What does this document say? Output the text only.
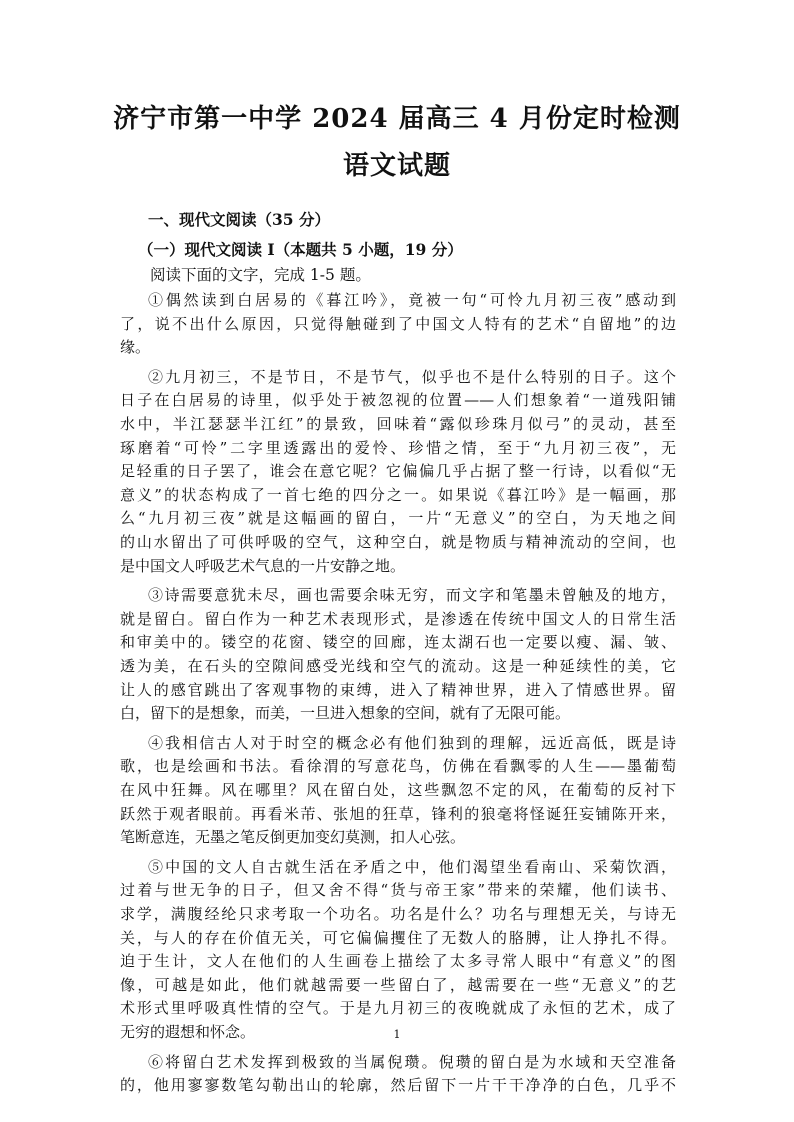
济宁市第一中学 2024 届高三 4 月份定时检测
语文试题
一、现代文阅读（35 分）
（一）现代文阅读 I（本题共 5 小题，19 分）
阅读下面的文字，完成 1-5 题。
1
①偶然读到白居易的《暮江吟》，竟被一句“可怜九月初三夜”感动到
了，说不出什么原因，只觉得触碰到了中国文人特有的艺术“自留地”的边
缘。
②九月初三，不是节日，不是节气，似乎也不是什么特别的日子。这个
日子在白居易的诗里，似乎处于被忽视的位置——人们想象着“一道残阳铺
水中，半江瑟瑟半江红”的景致，回味着“露似珍珠月似弓”的灵动，甚至
琢磨着“可怜”二字里透露出的爱怜、珍惜之情，至于“九月初三夜”，无
足轻重的日子罢了，谁会在意它呢？它偏偏几乎占据了整一行诗，以看似“无
意义”的状态构成了一首七绝的四分之一。如果说《暮江吟》是一幅画，那
么“九月初三夜”就是这幅画的留白，一片“无意义”的空白，为天地之间
的山水留出了可供呼吸的空气，这种空白，就是物质与精神流动的空间，也
是中国文人呼吸艺术气息的一片安静之地。
③诗需要意犹未尽，画也需要余味无穷，而文字和笔墨未曾触及的地方，
就是留白。留白作为一种艺术表现形式，是渗透在传统中国文人的日常生活
和审美中的。镂空的花窗、镂空的回廊，连太湖石也一定要以瘦、漏、皱、
透为美，在石头的空隙间感受光线和空气的流动。这是一种延续性的美，它
让人的感官跳出了客观事物的束缚，进入了精神世界，进入了情感世界。留
白，留下的是想象，而美，一旦进入想象的空间，就有了无限可能。
④我相信古人对于时空的概念必有他们独到的理解，远近高低，既是诗
歌，也是绘画和书法。看徐渭的写意花鸟，仿佛在看飘零的人生——墨葡萄
在风中狂舞。风在哪里？风在留白处，这些飘忽不定的风，在葡萄的反衬下
跃然于观者眼前。再看米芾、张旭的狂草，锋利的狼毫将怪诞狂妄铺陈开来，
笔断意连，无墨之笔反倒更加变幻莫测，扣人心弦。
⑤中国的文人自古就生活在矛盾之中，他们渴望坐看南山、采菊饮酒，
过着与世无争的日子，但又舍不得“货与帝王家”带来的荣耀，他们读书、
求学，满腹经纶只求考取一个功名。功名是什么？功名与理想无关，与诗无
关，与人的存在价值无关，可它偏偏攫住了无数人的胳膊，让人挣扎不得。
迫于生计，文人在他们的人生画卷上描绘了太多寻常人眼中“有意义”的图
像，可越是如此，他们就越需要一些留白了，越需要在一些“无意义”的艺
术形式里呼吸真性情的空气。于是九月初三的夜晚就成了永恒的艺术，成了
无穷的遐想和怀念。
⑥将留白艺术发挥到极致的当属倪瓒。倪瓒的留白是为水域和天空准备
的，他用寥寥数笔勾勒出山的轮廓，然后留下一片干干净净的白色，几乎不
